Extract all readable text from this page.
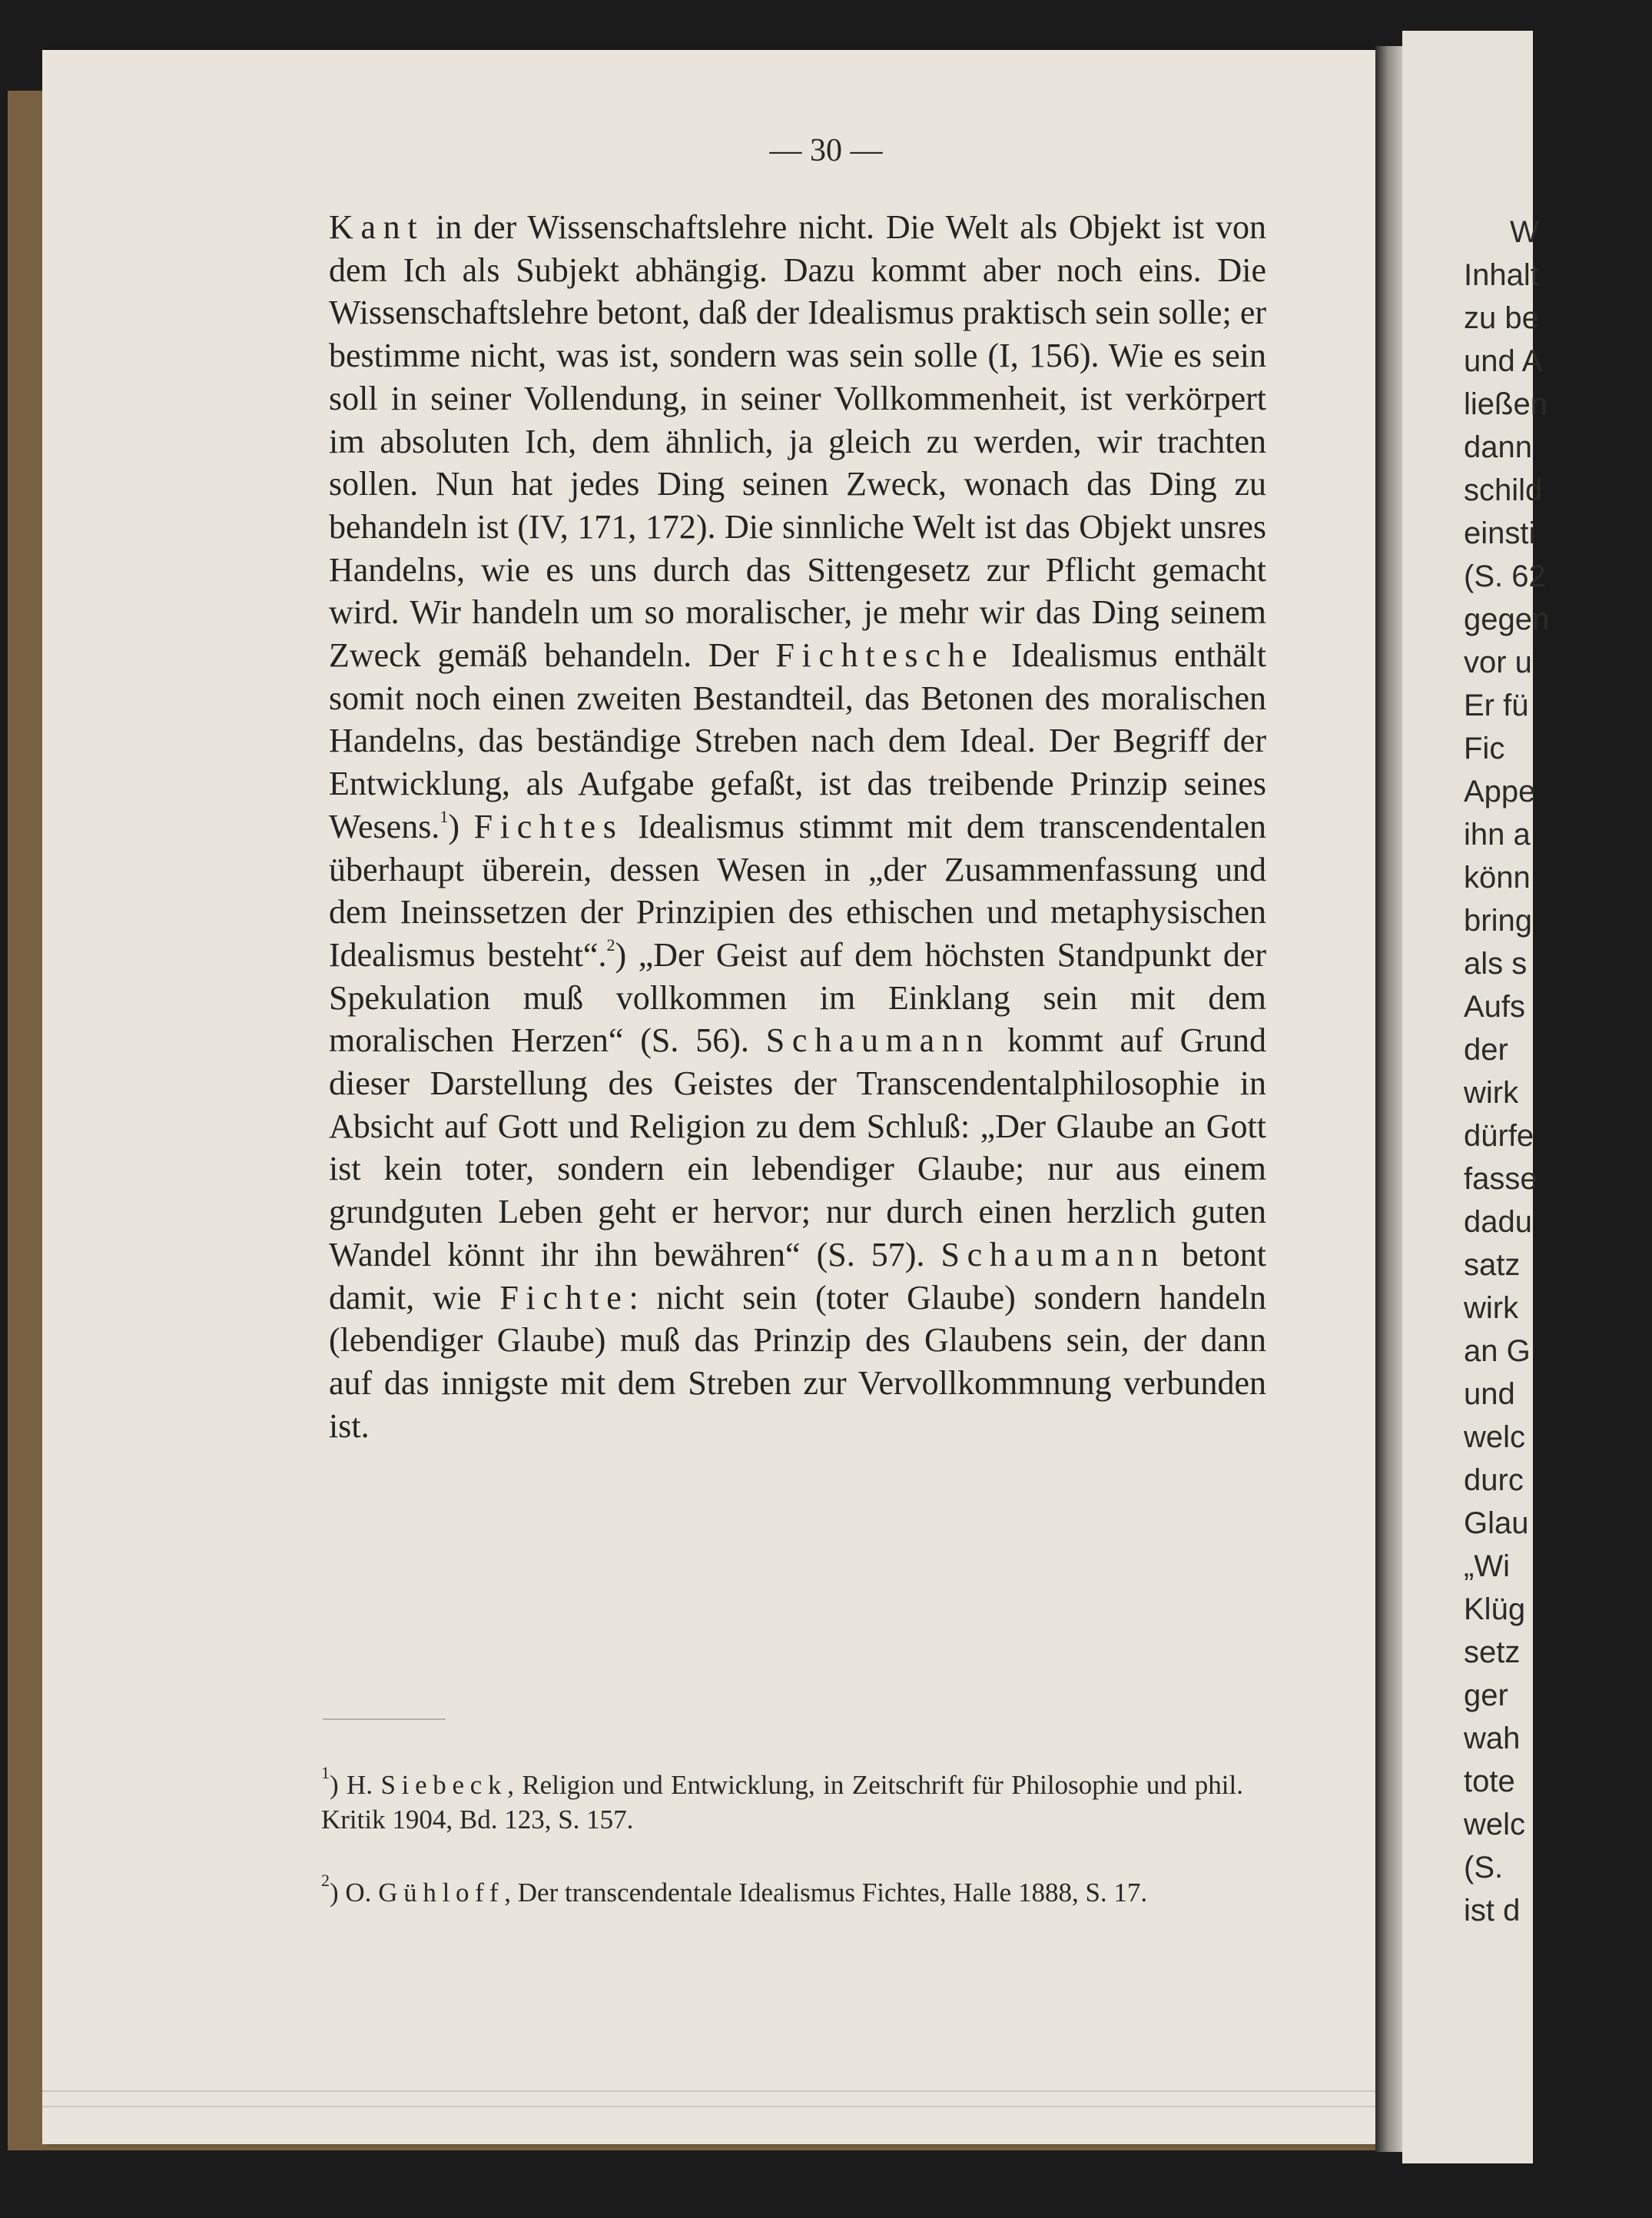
W
Inhalt
zu be
und A
ließen
dann
schild
einsti
(S. 62
gegen
vor u
Er fü
Fic
Appe
ihn a
könn
bring
als s
Aufs
der
wirk
dürfe
fasse
dadu
satz
wirk
an G
und
welc
durc
Glau
„Wi
Klüg
setz
ger
wah
tote
welc
(S.
ist d
— 30 —

Kant in der Wissenschaftslehre nicht. Die Welt als Objekt ist von dem Ich als Subjekt abhängig. Dazu kommt aber noch eins. Die Wissenschaftslehre betont, daß der Idealismus praktisch sein solle; er bestimme nicht, was ist, sondern was sein solle (I, 156). Wie es sein soll in seiner Vollendung, in seiner Vollkommenheit, ist verkörpert im absoluten Ich, dem ähnlich, ja gleich zu werden, wir trachten sollen. Nun hat jedes Ding seinen Zweck, wonach das Ding zu behandeln ist (IV, 171, 172). Die sinnliche Welt ist das Objekt unsres Handelns, wie es uns durch das Sittengesetz zur Pflicht gemacht wird. Wir handeln um so moralischer, je mehr wir das Ding seinem Zweck gemäß behandeln. Der Fichtesche Idealismus enthält somit noch einen zweiten Bestandteil, das Betonen des moralischen Handelns, das beständige Streben nach dem Ideal. Der Begriff der Entwicklung, als Aufgabe gefaßt, ist das treibende Prinzip seines Wesens.$^1$) Fichtes Idealismus stimmt mit dem transcendentalen überhaupt überein, dessen Wesen in „der Zusammenfassung und dem Ineinssetzen der Prinzipien des ethischen und metaphysischen Idealismus besteht“.$^2$) „Der Geist auf dem höchsten Standpunkt der Spekulation muß vollkommen im Einklang sein mit dem moralischen Herzen“ (S. 56). Schaumann kommt auf Grund dieser Darstellung des Geistes der Transcendentalphilosophie in Absicht auf Gott und Religion zu dem Schluß: „Der Glaube an Gott ist kein toter, sondern ein lebendiger Glaube; nur aus einem grundguten Leben geht er hervor; nur durch einen herzlich guten Wandel könnt ihr ihn bewähren“ (S. 57). Schaumann betont damit, wie Fichte: nicht sein (toter Glaube) sondern handeln (lebendiger Glaube) muß das Prinzip des Glaubens sein, der dann auf das innigste mit dem Streben zur Vervollkommnung verbunden ist.

$^1$) H. Siebeck, Religion und Entwicklung, in Zeitschrift für Philosophie und phil. Kritik 1904, Bd. 123, S. 157.

$^2$) O. Gühloff, Der transcendentale Idealismus Fichtes, Halle 1888, S. 17.
